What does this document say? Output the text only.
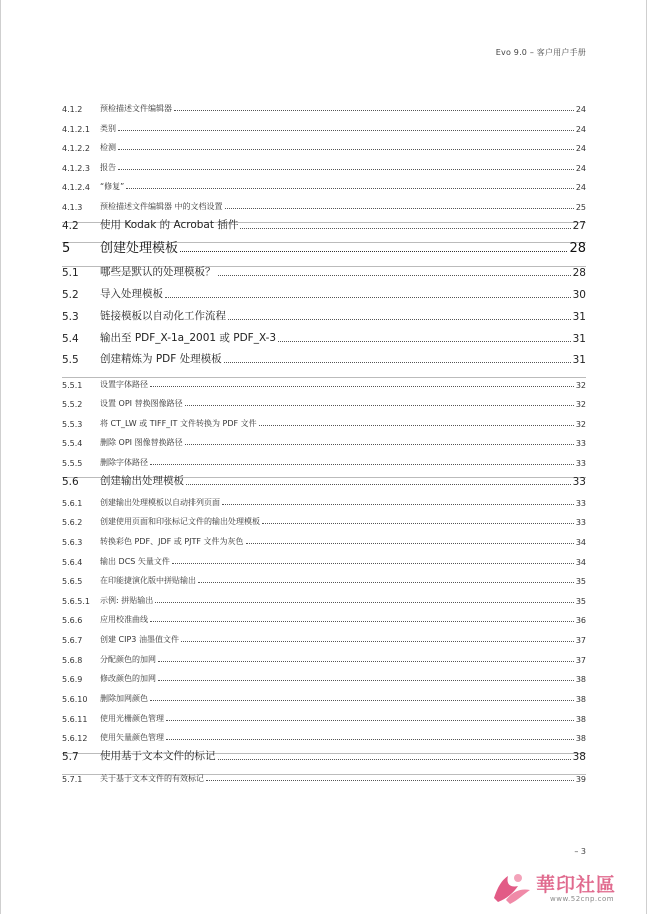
Evo 9.0 – 客户用户手册
4.1.2	预检描述文件编辑器	24
4.1.2.1	类别	24
4.1.2.2	检测	24
4.1.2.3	报告	24
4.1.2.4	“修复”	24
4.1.3	预检描述文件编辑器 中的文档设置	25
4.2	使用 Kodak 的 Acrobat 插件	27
5	创建处理模板	28
5.1	哪些是默认的处理模板？	28
5.2	导入处理模板	30
5.3	链接模板以自动化工作流程	31
5.4	输出至 PDF_X-1a_2001 或 PDF_X-3	31
5.5	创建精炼为 PDF 处理模板	31
5.5.1	设置字体路径	32
5.5.2	设置 OPI 替换图像路径	32
5.5.3	将 CT_LW 或 TIFF_IT 文件转换为 PDF 文件	32
5.5.4	删除 OPI 图像替换路径	33
5.5.5	删除字体路径	33
5.6	创建输出处理模板	33
5.6.1	创建输出处理模板以自动排列页面	33
5.6.2	创建使用页面和印张标记文件的输出处理模板	33
5.6.3	转换彩色 PDF、JDF 或 PJTF 文件为灰色	34
5.6.4	输出 DCS 矢量文件	34
5.6.5	在印能捷演化版中拼贴输出	35
5.6.5.1	示例: 拼贴输出	35
5.6.6	应用校准曲线	36
5.6.7	创建 CIP3 油墨值文件	37
5.6.8	分配颜色的加网	37
5.6.9	修改颜色的加网	38
5.6.10	删除加网颜色	38
5.6.11	使用光栅颜色管理	38
5.6.12	使用矢量颜色管理	38
5.7	使用基于文本文件的标记	38
5.7.1	关于基于文本文件的有效标记	39
– 3
華印社區
www.52cnp.com
